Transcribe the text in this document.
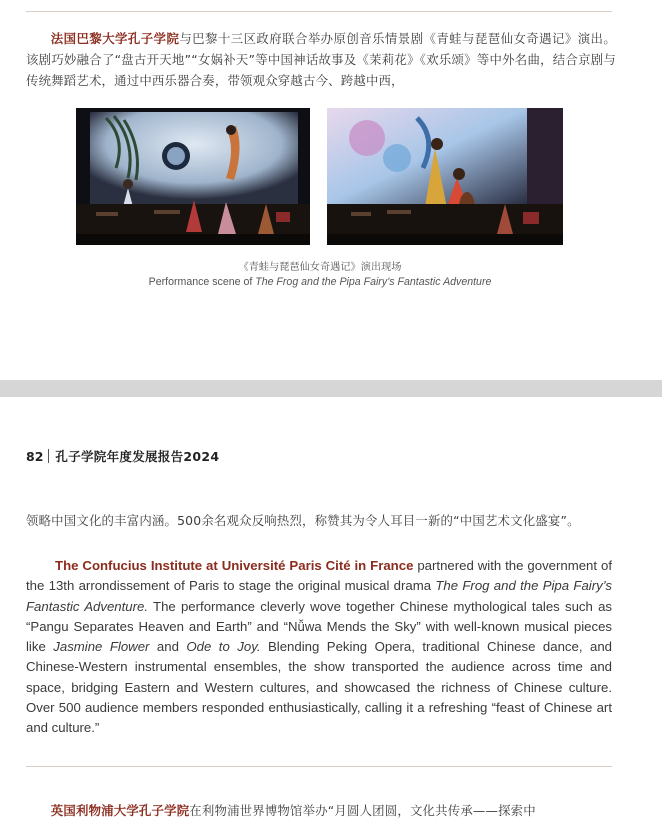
法国巴黎大学孔子学院与巴黎十三区政府联合举办原创音乐情景剧《青蛙与琵琶仙女奇遇记》演出。该剧巧妙融合了“盘古开天地”“女娲补天”等中国神话故事及《茉莉花》《欢乐颂》等中外名曲，结合京剧与传统舞蹈艺术，通过中西乐器合奏，带领观众穿越古今、跨越中西，

《青蛙与琵琶仙女奇遇记》演出现场
Performance scene of The Frog and the Pipa Fairy’s Fantastic Adventure
82 孔子学院年度发展报告2024

领略中国文化的丰富内涵。500余名观众反响热烈，称赞其为令人耳目一新的“中国艺术文化盛宴”。

The Confucius Institute at Université Paris Cité in France partnered with the government of the 13th arrondissement of Paris to stage the original musical drama The Frog and the Pipa Fairy’s Fantastic Adventure. The performance cleverly wove together Chinese mythological tales such as “Pangu Separates Heaven and Earth” and “Nǚwa Mends the Sky” with well-known musical pieces like Jasmine Flower and Ode to Joy. Blending Peking Opera, traditional Chinese dance, and Chinese-Western instrumental ensembles, the show transported the audience across time and space, bridging Eastern and Western cultures, and showcased the richness of Chinese culture. Over 500 audience members responded enthusiastically, calling it a refreshing “feast of Chinese art and culture.”

英国利物浦大学孔子学院在利物浦世界博物馆举办“月圆人团圆，文化共传承——探索中
